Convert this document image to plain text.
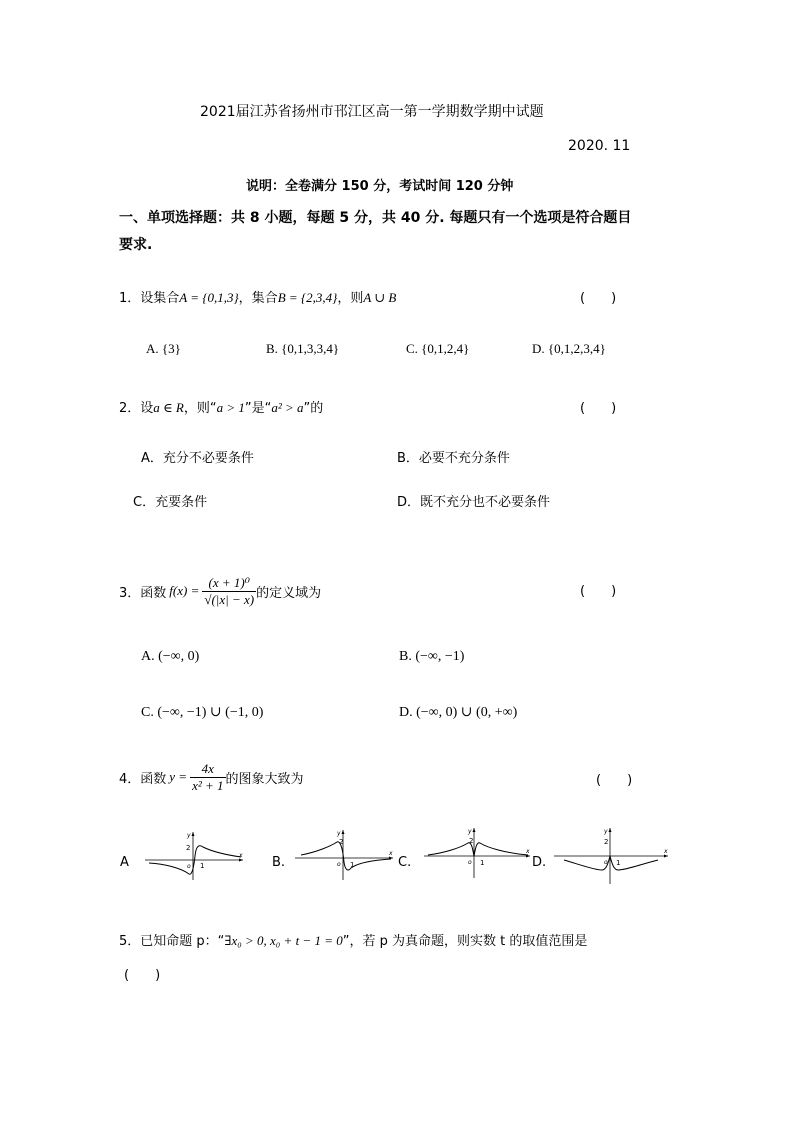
2021届江苏省扬州市邗江区高一第一学期数学期中试题
2020. 11
说明：全卷满分 150 分，考试时间 120 分钟
一、单项选择题：共 8 小题，每题 5 分，共 40 分. 每题只有一个选项是符合题目
要求.
1．设集合A = {0,1,3}，集合B = {2,3,4}，则A ∪ B	(　　)
A. {3}	B. {0,1,3,3,4}	C. {0,1,2,4}	D. {0,1,2,3,4}
2．设a ∈ R，则“a > 1”是“a² > a”的	(　　)
A．充分不必要条件	B．必要不充分条件
C．充要条件	D．既不充分也不必要条件
3．函数 $f(x) = \frac{\text{(x + 1)⁰}}{√(|x| - x)}$ 的定义域为	(　　)
A. (−∞, 0)	B. (−∞, −1)
C. (−∞, −1) ∪ (−1, 0)	D. (−∞, 0) ∪ (0, +∞)
4．函数 $y = \frac{4x}{\text{x² + 1}}$ 的图象大致为	(　　)
A	B.	C.	D.
2
1
o
x
y
2
1
o
x
y
2
1
o
x
y
2
1
o
x
y
5．已知命题 p：“∃x₀ > 0, x₀ + t − 1 = 0”，若 p 为真命题，则实数 t 的取值范围是
(　　)
